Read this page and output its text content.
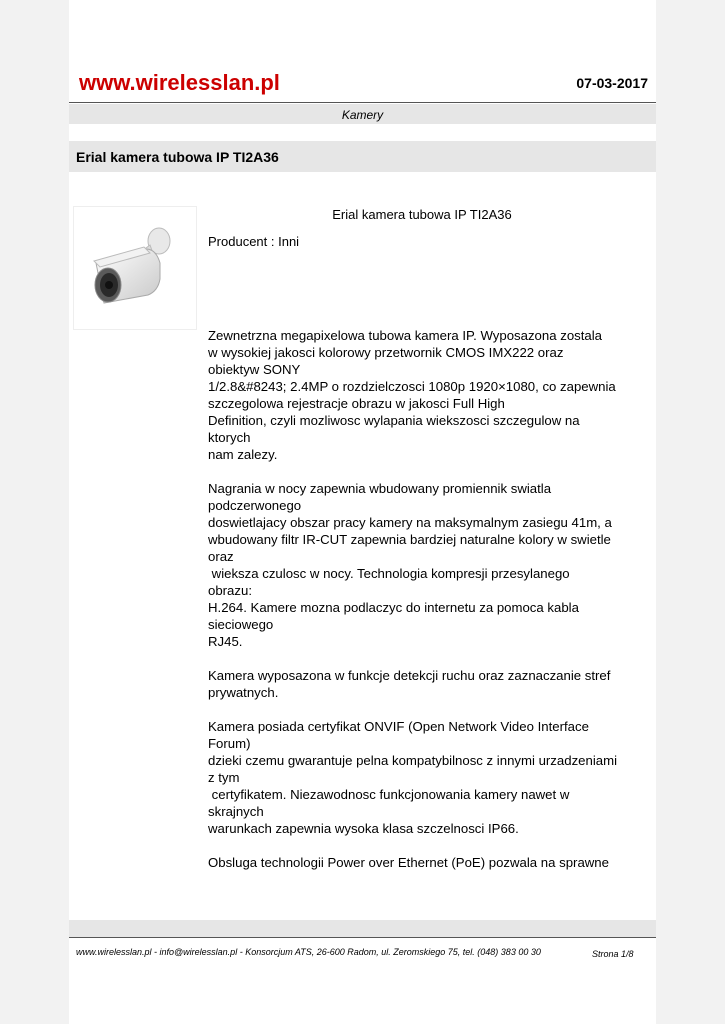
www.wirelesslan.pl	07-03-2017
Kamery
Erial kamera tubowa IP TI2A36
Erial kamera tubowa IP TI2A36
Producent : Inni
Zewnetrzna megapixelowa tubowa kamera IP. Wyposazona zostala
w wysokiej jakosci kolorowy przetwornik CMOS IMX222 oraz
obiektyw SONY
1/2.8&#8243; 2.4MP o rozdzielczosci 1080p 1920×1080, co zapewnia
szczegolowa rejestracje obrazu w jakosci Full High
Definition, czyli mozliwosc wylapania wiekszosci szczegulow na
ktorych
nam zalezy.

Nagrania w nocy zapewnia wbudowany promiennik swiatla
podczerwonego
doswietlajacy obszar pracy kamery na maksymalnym zasiegu 41m, a
wbudowany filtr IR-CUT zapewnia bardziej naturalne kolory w swietle
oraz
wieksza czulosc w nocy. Technologia kompresji przesylanego
obrazu:
H.264. Kamere mozna podlaczyc do internetu za pomoca kabla
sieciowego
RJ45.

Kamera wyposazona w funkcje detekcji ruchu oraz zaznaczanie stref
prywatnych.

Kamera posiada certyfikat ONVIF (Open Network Video Interface
Forum)
dzieki czemu gwarantuje pelna kompatybilnosc z innymi urzadzeniami
z tym
certyfikatem. Niezawodnosc funkcjonowania kamery nawet w
skrajnych
warunkach zapewnia wysoka klasa szczelnosci IP66.

Obsluga technologii Power over Ethernet (PoE) pozwala na sprawne
www.wirelesslan.pl - info@wirelesslan.pl - Konsorcjum ATS, 26-600 Radom, ul. Zeromskiego 75, tel. (048) 383 00 30	Strona 1/8
